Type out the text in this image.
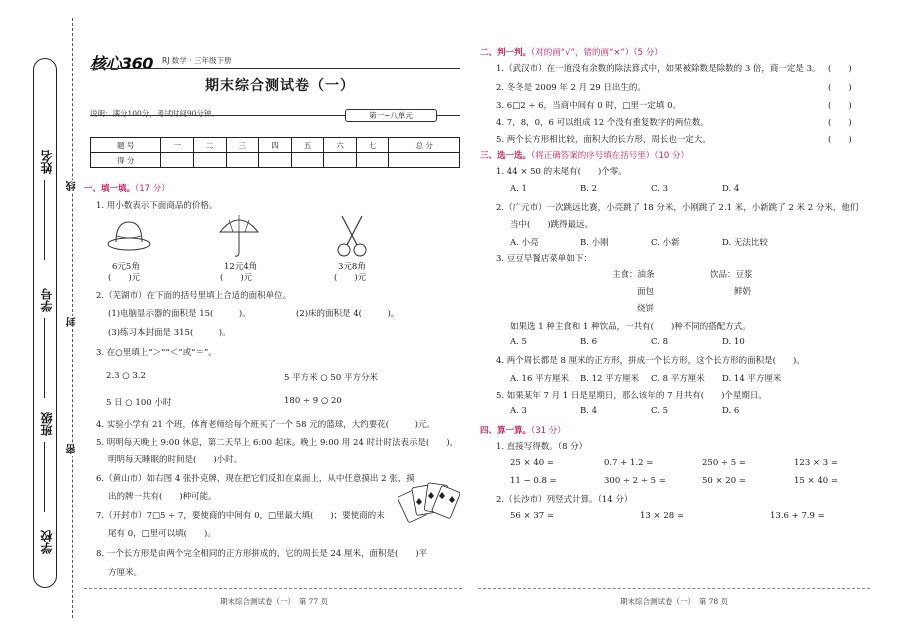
姓名
学号
班级
学校
线
封
密
核心360 RJ 数学 · 三年级下册
期末综合测试卷（一）
说明：满分100分，考试时间90分钟。	第一~八单元
题 号	一	二	三	四	五	六	七	总 分
得 分								
一、填一填。（17 分）
1. 用小数表示下面商品的价格。
6元5角	12元4角	3元8角
(　　)元	(　　)元	(　　)元
2.（芜湖市）在下面的括号里填上合适的面积单位。
(1)电脑显示器的面积是 15(　　　)。	(2)床的面积是 4(　　　)。
(3)练习本封面是 315(　　　)。
3. 在○里填上“＞”“＜”或“＝”。
2.3 ○ 3.2	5 平方米 ○ 50 平方分米
5 日 ○ 100 小时	180 ÷ 9 ○ 20
4. 实验小学有 21 个班，体育老师给每个班买了一个 58 元的篮球，大约要花(　　　)元。
5. 明明每天晚上 9:00 休息，第二天早上 6:00 起床。晚上 9:00 用 24 时计时法表示是(　　)，
明明每天睡眠的时间是(　　)小时。
6.（黄山市）如右图 4 张扑克牌，现在把它们反扣在桌面上，从中任意摸出 2 张，摸
出的牌一共有(　　)种可能。
7.（开封市）7□5 ÷ 7，要使商的中间有 0，□里最大填(　　)；要使商的末
尾有 0，□里可以填(　　)。
8. 一个长方形是由两个完全相同的正方形拼成的，它的周长是 24 厘米，面积是(　　)平
方厘米。
期末综合测试卷（一）　第 77 页
二、判一判。（对的画“√”，错的画“×”）（5 分）
1.（武汉市）在一道没有余数的除法算式中，如果被除数是除数的 3 倍，商一定是 3。 (　　)
2. 冬冬是 2009 年 2 月 29 日出生的。	(　　)
3. 6□2 ÷ 6，当商中间有 0 时，□里一定填 0。	(　　)
4. 7，8，0，6 可以组成 12 个没有重复数字的两位数。	(　　)
5. 两个长方形相比较，面积大的长方形，周长也一定大。	(　　)
三、选一选。（将正确答案的序号填在括号里）（10 分）
1. 44 × 50 的末尾有(　　)个零。
A. 1	B. 2	C. 3	D. 4
2.（广元市）一次跳远比赛，小亮跳了 18 分米，小刚跳了 2.1 米，小新跳了 2 米 2 分米，他们
当中(　　)跳得最远。
A. 小亮	B. 小刚	C. 小新	D. 无法比较
3. 豆豆早餐店菜单如下：
主食：油条	饮品：豆浆
面包	鲜奶
烧饼
如果选 1 种主食和 1 种饮品，一共有(　　)种不同的搭配方式。
A. 5	B. 6	C. 8	D. 10
4. 两个周长都是 8 厘米的正方形，拼成一个长方形，这个长方形的面积是(　　)。
A. 16 平方厘米 B. 12 平方厘米 C. 8 平方厘米 D. 14 平方厘米
5. 如果某年 7 月 1 日是星期日，那么该年的 7 月共有(　　)个星期日。
A. 3	B. 4	C. 5	D. 6
四、算一算。（31 分）
1. 直接写得数。（8 分）
25 × 40 =	0.7 + 1.2 =	250 ÷ 5 =	123 × 3 =
11 − 0.8 =	300 ÷ 2 ÷ 5 =	50 × 20 =	15 × 40 =
2.（长沙市）列竖式计算。（14 分）
56 × 37 =	13 × 28 =	13.6 + 7.9 =
期末综合测试卷（一）　第 78 页
